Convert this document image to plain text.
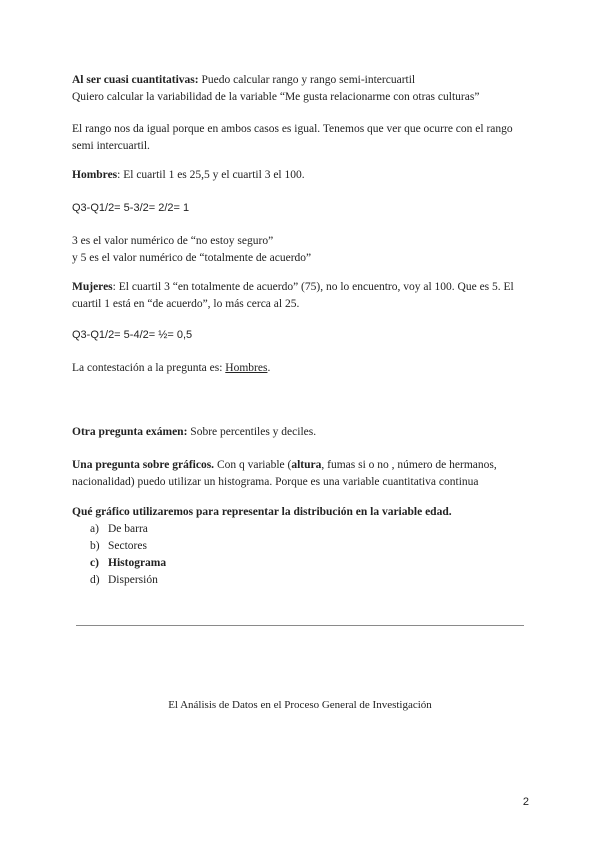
Al ser cuasi cuantitativas: Puedo calcular rango y rango semi-intercuartil
Quiero calcular la variabilidad de la variable “Me gusta relacionarme con otras culturas”
El rango nos da igual porque en ambos casos es igual. Tenemos que ver que ocurre con el rango semi intercuartil.
Hombres: El cuartil 1 es 25,5 y el cuartil 3 el 100.
Q3-Q1/2= 5-3/2= 2/2= 1
3 es el valor numérico de “no estoy seguro”
y 5 es el valor numérico de “totalmente de acuerdo”
Mujeres: El cuartil 3 “en totalmente de acuerdo” (75), no lo encuentro, voy al 100. Que es 5. El cuartil 1 está en “de acuerdo”, lo más cerca al 25.
Q3-Q1/2= 5-4/2= ½= 0,5
La contestación a la pregunta es: Hombres.
Otra pregunta exámen: Sobre percentiles y deciles.
Una pregunta sobre gráficos. Con q variable (altura, fumas si o no , número de hermanos, nacionalidad) puedo utilizar un histograma. Porque es una variable cuantitativa continua
Qué gráfico utilizaremos para representar la distribución en la variable edad.
a) De barra
b) Sectores
c) Histograma
d) Dispersión
El Análisis de Datos en el Proceso General de Investigación
2
